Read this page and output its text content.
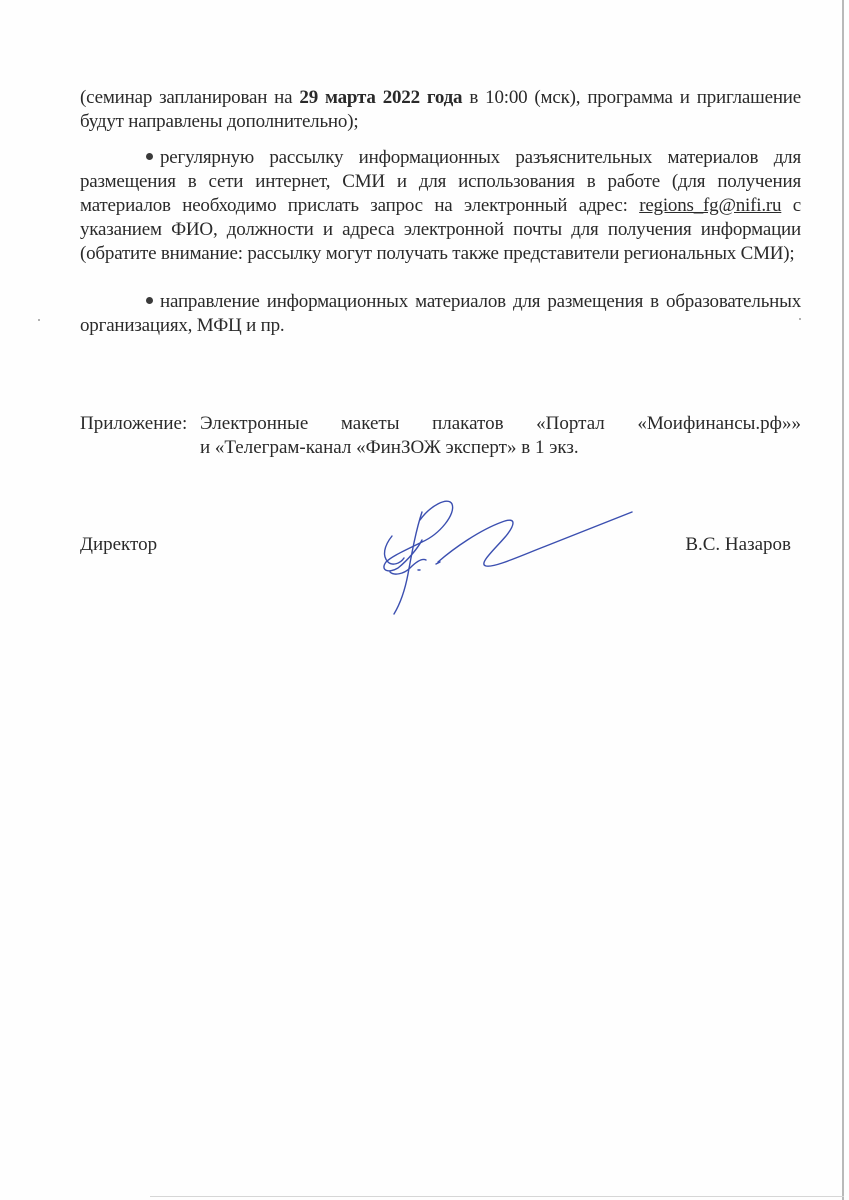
(семинар запланирован на 29 марта 2022 года в 10:00 (мск), программа и приглашение будут направлены дополнительно);

регулярную рассылку информационных разъяснительных материалов для размещения в сети интернет, СМИ и для использования в работе (для получения материалов необходимо прислать запрос на электронный адрес: regions_fg@nifi.ru с указанием ФИО, должности и адреса электронной почты для получения информации (обратите внимание: рассылку могут получать также представители региональных СМИ);

направление информационных материалов для размещения в образовательных организациях, МФЦ и пр.

Приложение: Электронные макеты плакатов «Портал «Моифинансы.рф»»
и «Телеграм-канал «ФинЗОЖ эксперт» в 1 экз.
Директор	В.С. Назаров
